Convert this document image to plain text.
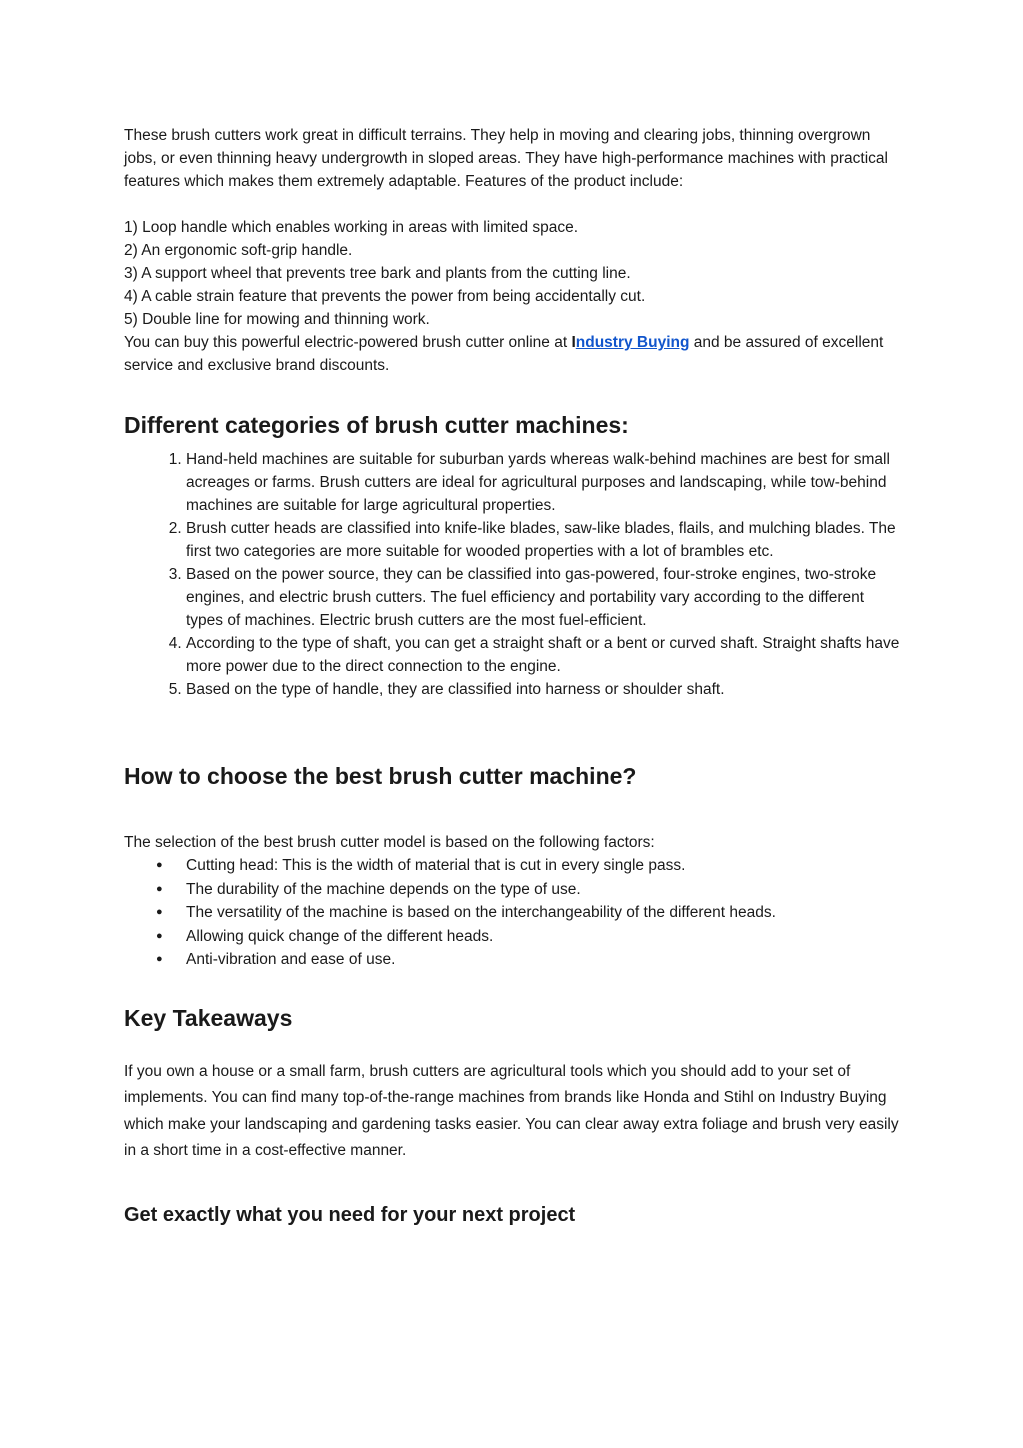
These brush cutters work great in difficult terrains. They help in moving and clearing jobs, thinning overgrown jobs, or even thinning heavy undergrowth in sloped areas. They have high-performance machines with practical features which makes them extremely adaptable. Features of the product include:

1) Loop handle which enables working in areas with limited space.
2) An ergonomic soft-grip handle.
3) A support wheel that prevents tree bark and plants from the cutting line.
4) A cable strain feature that prevents the power from being accidentally cut.
5) Double line for mowing and thinning work.

You can buy this powerful electric-powered brush cutter online at Industry Buying and be assured of excellent service and exclusive brand discounts.

Different categories of brush cutter machines:
1. Hand-held machines are suitable for suburban yards whereas walk-behind machines are best for small acreages or farms. Brush cutters are ideal for agricultural purposes and landscaping, while tow-behind machines are suitable for large agricultural properties.
2. Brush cutter heads are classified into knife-like blades, saw-like blades, flails, and mulching blades. The first two categories are more suitable for wooded properties with a lot of brambles etc.
3. Based on the power source, they can be classified into gas-powered, four-stroke engines, two-stroke engines, and electric brush cutters. The fuel efficiency and portability vary according to the different types of machines. Electric brush cutters are the most fuel-efficient.
4. According to the type of shaft, you can get a straight shaft or a bent or curved shaft. Straight shafts have more power due to the direct connection to the engine.
5. Based on the type of handle, they are classified into harness or shoulder shaft.
How to choose the best brush cutter machine?

The selection of the best brush cutter model is based on the following factors:

● Cutting head: This is the width of material that is cut in every single pass.
● The durability of the machine depends on the type of use.
● The versatility of the machine is based on the interchangeability of the different heads.
● Allowing quick change of the different heads.
● Anti-vibration and ease of use.
Key Takeaways

If you own a house or a small farm, brush cutters are agricultural tools which you should add to your set of implements. You can find many top-of-the-range machines from brands like Honda and Stihl on Industry Buying which make your landscaping and gardening tasks easier. You can clear away extra foliage and brush very easily in a short time in a cost-effective manner.

Get exactly what you need for your next project
